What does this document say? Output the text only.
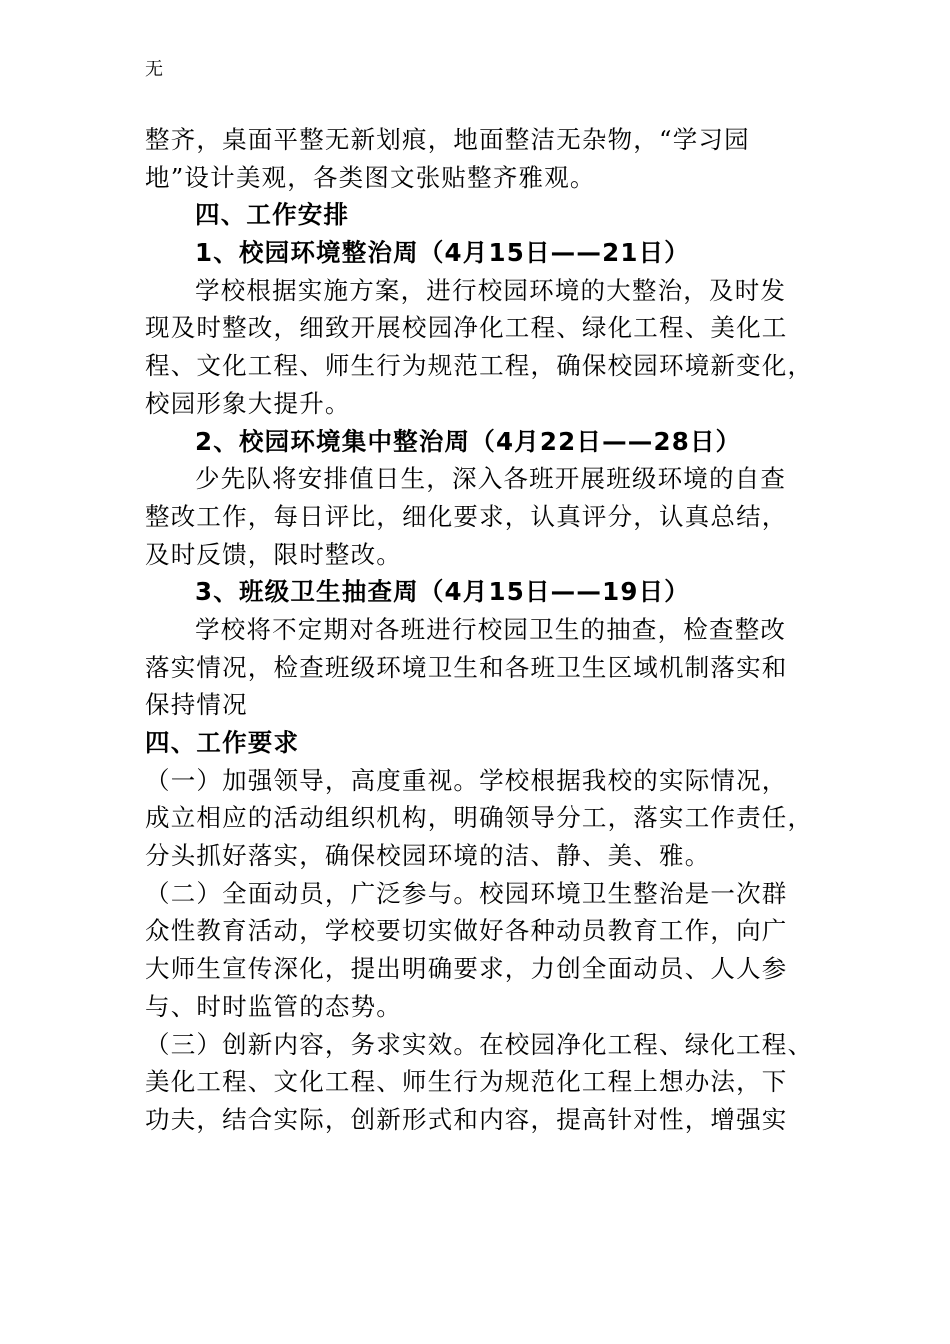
无
整齐，桌面平整无新划痕，地面整洁无杂物，“学习园
地”设计美观，各类图文张贴整齐雅观。
四、工作安排
1、校园环境整治周（4月15日——21日）
学校根据实施方案，进行校园环境的大整治，及时发
现及时整改，细致开展校园净化工程、绿化工程、美化工
程、文化工程、师生行为规范工程，确保校园环境新变化，
校园形象大提升。
2、校园环境集中整治周（4月22日——28日）
少先队将安排值日生，深入各班开展班级环境的自查
整改工作，每日评比，细化要求，认真评分，认真总结，
及时反馈，限时整改。
3、班级卫生抽查周（4月15日——19日）
学校将不定期对各班进行校园卫生的抽查，检查整改
落实情况，检查班级环境卫生和各班卫生区域机制落实和
保持情况
四、工作要求
（一）加强领导，高度重视。学校根据我校的实际情况，
成立相应的活动组织机构，明确领导分工，落实工作责任，
分头抓好落实，确保校园环境的洁、静、美、雅。
（二）全面动员，广泛参与。校园环境卫生整治是一次群
众性教育活动，学校要切实做好各种动员教育工作，向广
大师生宣传深化，提出明确要求，力创全面动员、人人参
与、时时监管的态势。
（三）创新内容，务求实效。在校园净化工程、绿化工程、
美化工程、文化工程、师生行为规范化工程上想办法，下
功夫，结合实际，创新形式和内容，提高针对性，增强实
